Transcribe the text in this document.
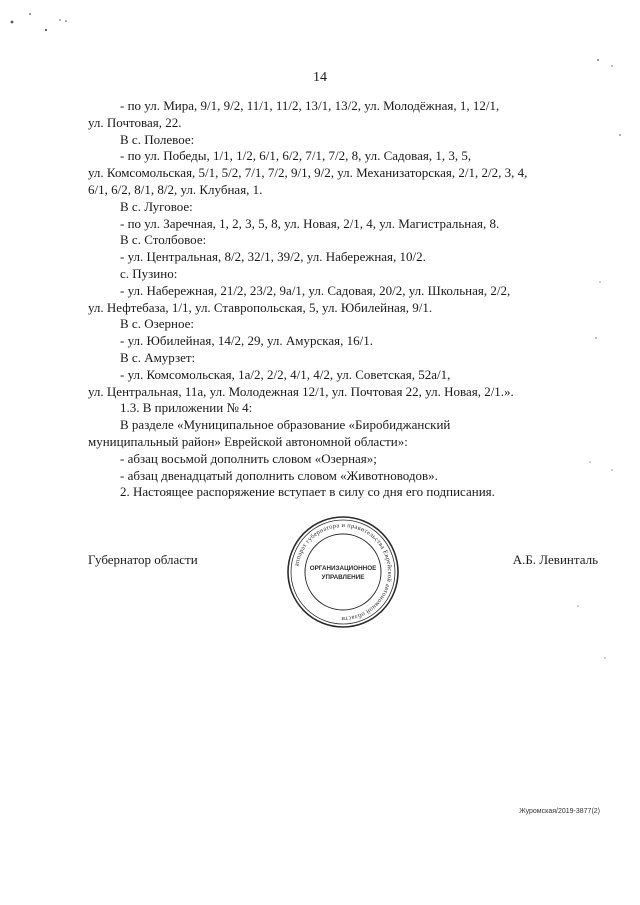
14

- по ул. Мира, 9/1, 9/2, 11/1, 11/2, 13/1, 13/2, ул. Молодёжная, 1, 12/1,

ул. Почтовая, 22.

В с. Полевое:

- по ул. Победы, 1/1, 1/2, 6/1, 6/2, 7/1, 7/2, 8, ул. Садовая, 1, 3, 5,

ул. Комсомольская, 5/1, 5/2, 7/1, 7/2, 9/1, 9/2, ул. Механизаторская, 2/1, 2/2, 3, 4,

6/1, 6/2, 8/1, 8/2, ул. Клубная, 1.

В с. Луговое:

- по ул. Заречная, 1, 2, 3, 5, 8, ул. Новая, 2/1, 4, ул. Магистральная, 8.

В с. Столбовое:

- ул. Центральная, 8/2, 32/1, 39/2, ул. Набережная, 10/2.

с. Пузино:

- ул. Набережная, 21/2, 23/2, 9а/1, ул. Садовая, 20/2, ул. Школьная, 2/2,

ул. Нефтебаза, 1/1, ул. Ставропольская, 5, ул. Юбилейная, 9/1.

В с. Озерное:

- ул. Юбилейная, 14/2, 29, ул. Амурская, 16/1.

В с. Амурзет:

- ул. Комсомольская, 1а/2, 2/2, 4/1, 4/2, ул. Советская, 52а/1,

ул. Центральная, 11а, ул. Молодежная 12/1, ул. Почтовая 22, ул. Новая, 2/1.».

1.3. В приложении № 4:

В разделе «Муниципальное образование «Биробиджанский

муниципальный район» Еврейской автономной области»:

- абзац восьмой дополнить словом «Озерная»;

- абзац двенадцатый дополнить словом «Животноводов».

2. Настоящее распоряжение вступает в силу со дня его подписания.

Губернатор области	А.Б. Левинталь
аппарат губернатора и правительства Еврейской автономной области
ОРГАНИЗАЦИОННОЕ
УПРАВЛЕНИЕ
Журомская/2019-3877(2)
